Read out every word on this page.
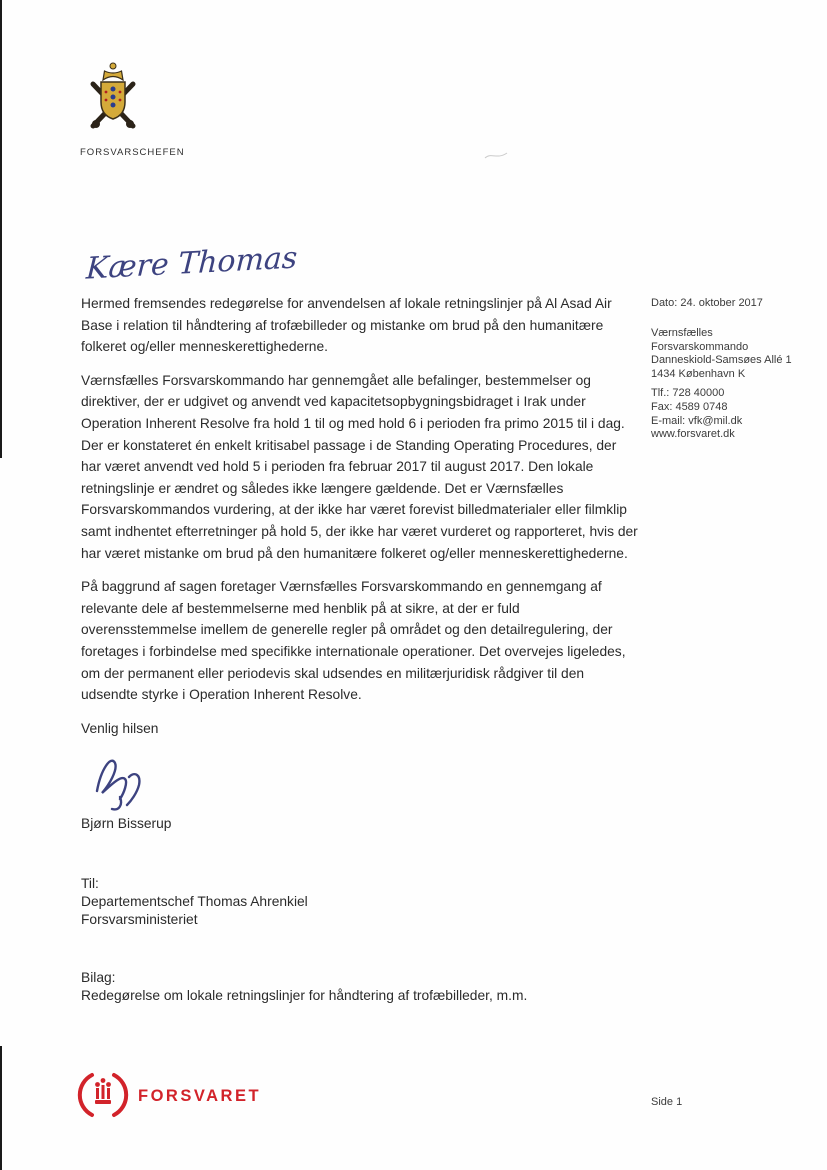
FORSVARSCHEFEN
Kære Thomas

Hermed fremsendes redegørelse for anvendelsen af lokale retningslinjer på Al Asad Air Base i relation til håndtering af trofæbilleder og mistanke om brud på den humanitære folkeret og/eller menneskerettighederne.

Værnsfælles Forsvarskommando har gennemgået alle befalinger, bestemmelser og direktiver, der er udgivet og anvendt ved kapacitetsopbygningsbidraget i Irak under Operation Inherent Resolve fra hold 1 til og med hold 6 i perioden fra primo 2015 til i dag. Der er konstateret én enkelt kritisabel passage i de Standing Operating Procedures, der har været anvendt ved hold 5 i perioden fra februar 2017 til august 2017. Den lokale retningslinje er ændret og således ikke længere gældende. Det er Værnsfælles Forsvarskommandos vurdering, at der ikke har været forevist billedmaterialer eller filmklip samt indhentet efterretninger på hold 5, der ikke har været vurderet og rapporteret, hvis der har været mistanke om brud på den humanitære folkeret og/eller menneskerettighederne.

På baggrund af sagen foretager Værnsfælles Forsvarskommando en gennemgang af relevante dele af bestemmelserne med henblik på at sikre, at der er fuld overensstemmelse imellem de generelle regler på området og den detailregulering, der foretages i forbindelse med specifikke internationale operationer. Det overvejes ligeledes, om der permanent eller periodevis skal udsendes en militærjuridisk rådgiver til den udsendte styrke i Operation Inherent Resolve.

Venlig hilsen

Bjørn Bisserup
Til:
Departementschef Thomas Ahrenkiel
Forsvarsministeriet
Bilag:
Redegørelse om lokale retningslinjer for håndtering af trofæbilleder, m.m.
Dato: 24. oktober 2017
Værnsfælles
Forsvarskommando
Danneskiold-Samsøes Allé 1
1434 København K
Tlf.: 728 40000
Fax: 4589 0748
E-mail: vfk@mil.dk
www.forsvaret.dk
FORSVARET	Side 1
